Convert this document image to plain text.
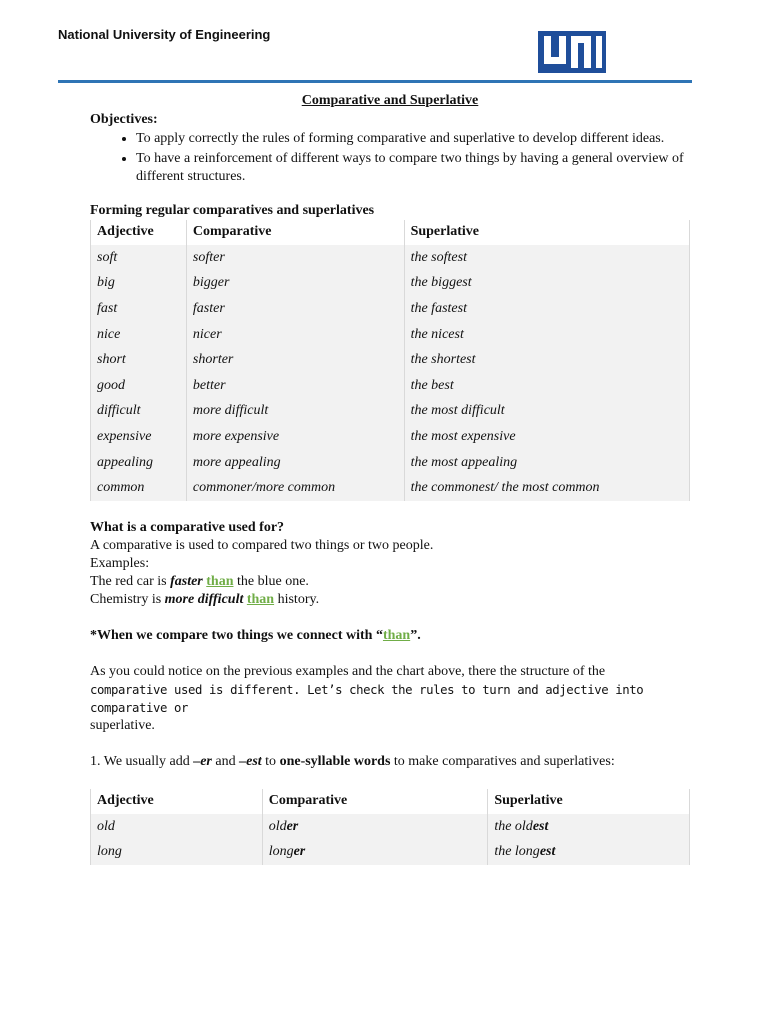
National University of Engineering

Comparative and Superlative

Objectives:
• To apply correctly the rules of forming comparative and superlative to develop different ideas.
• To have a reinforcement of different ways to compare two things by having a general overview of different structures.
Forming regular comparatives and superlatives
Adjective	Comparative	Superlative
soft	softer	the softest
big	bigger	the biggest
fast	faster	the fastest
nice	nicer	the nicest
short	shorter	the shortest
good	better	the best
difficult	more difficult	the most difficult
expensive	more expensive	the most expensive
appealing	more appealing	the most appealing
common	commoner/more common	the commonest/ the most common

What is a comparative used for?

A comparative is used to compared two things or two people.

Examples:

The red car is faster than the blue one.

Chemistry is more difficult than history.

*When we compare two things we connect with “than”.

As you could notice on the previous examples and the chart above, there the structure of the

comparative used is different. Let’s check the rules to turn and adjective into comparative or

superlative.

1. We usually add –er and –est to one-syllable words to make comparatives and superlatives:

Adjective	Comparative	Superlative
old	older	the oldest
long	longer	the longest
